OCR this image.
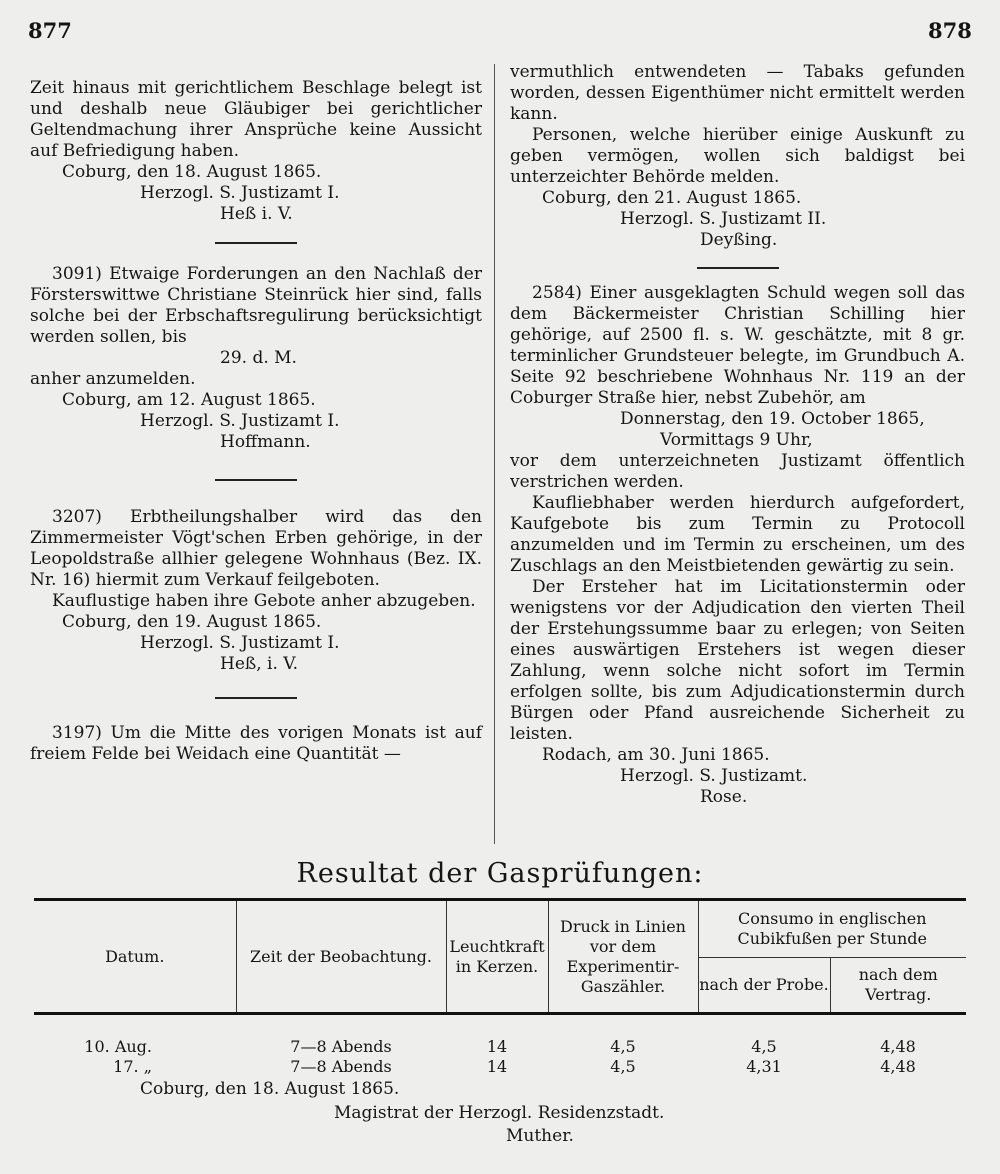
877	878

Zeit hinaus mit gerichtlichem Beschlage belegt ist und deshalb neue Gläubiger bei gerichtlicher Geltendmachung ihrer Ansprüche keine Aussicht auf Befriedigung haben.

Coburg, den 18. August 1865.

Herzogl. S. Justizamt I.

Heß i. V.

3091) Etwaige Forderungen an den Nachlaß der Försterswittwe Christiane Steinrück hier sind, falls solche bei der Erbschaftsregulirung berücksichtigt werden sollen, bis

29. d. M.

anher anzumelden.

Coburg, am 12. August 1865.

Herzogl. S. Justizamt I.

Hoffmann.

3207) Erbtheilungshalber wird das den Zimmermeister Vögt'schen Erben gehörige, in der Leopoldstraße allhier gelegene Wohnhaus (Bez. IX. Nr. 16) hiermit zum Verkauf feilgeboten.

Kauflustige haben ihre Gebote anher abzugeben.

Coburg, den 19. August 1865.

Herzogl. S. Justizamt I.

Heß, i. V.

3197) Um die Mitte des vorigen Monats ist auf freiem Felde bei Weidach eine Quantität —

vermuthlich entwendeten — Tabaks gefunden worden, dessen Eigenthümer nicht ermittelt werden kann.

Personen, welche hierüber einige Auskunft zu geben vermögen, wollen sich baldigst bei unterzeichter Behörde melden.

Coburg, den 21. August 1865.

Herzogl. S. Justizamt II.

Deyßing.

2584) Einer ausgeklagten Schuld wegen soll das dem Bäckermeister Christian Schilling hier gehörige, auf 2500 fl. s. W. geschätzte, mit 8 gr. terminlicher Grundsteuer belegte, im Grundbuch A. Seite 92 beschriebene Wohnhaus Nr. 119 an der Coburger Straße hier, nebst Zubehör, am

Donnerstag, den 19. October 1865,

Vormittags 9 Uhr,

vor dem unterzeichneten Justizamt öffentlich verstrichen werden.

Kaufliebhaber werden hierdurch aufgefordert, Kaufgebote bis zum Termin zu Protocoll anzumelden und im Termin zu erscheinen, um des Zuschlags an den Meistbietenden gewärtig zu sein.

Der Ersteher hat im Licitationstermin oder wenigstens vor der Adjudication den vierten Theil der Erstehungssumme baar zu erlegen; von Seiten eines auswärtigen Erstehers ist wegen dieser Zahlung, wenn solche nicht sofort im Termin erfolgen sollte, bis zum Adjudicationstermin durch Bürgen oder Pfand ausreichende Sicherheit zu leisten.

Rodach, am 30. Juni 1865.

Herzogl. S. Justizamt.

Rose.

Resultat der Gasprüfungen:
Datum.	Zeit der Beobachtung.	Leuchtkraft in Kerzen.	Druck in Linien vor dem Experimentir-Gaszähler.	Consumo in englischen Cubikfußen per Stunde	
				nach der Probe.	nach dem Vertrag.
10. Aug.	7—8 Abends	14	4,5	4,5	4,48
17. „	7—8 Abends	14	4,5	4,31	4,48
Coburg, den 18. August 1865.
Magistrat der Herzogl. Residenzstadt.
Muther.
